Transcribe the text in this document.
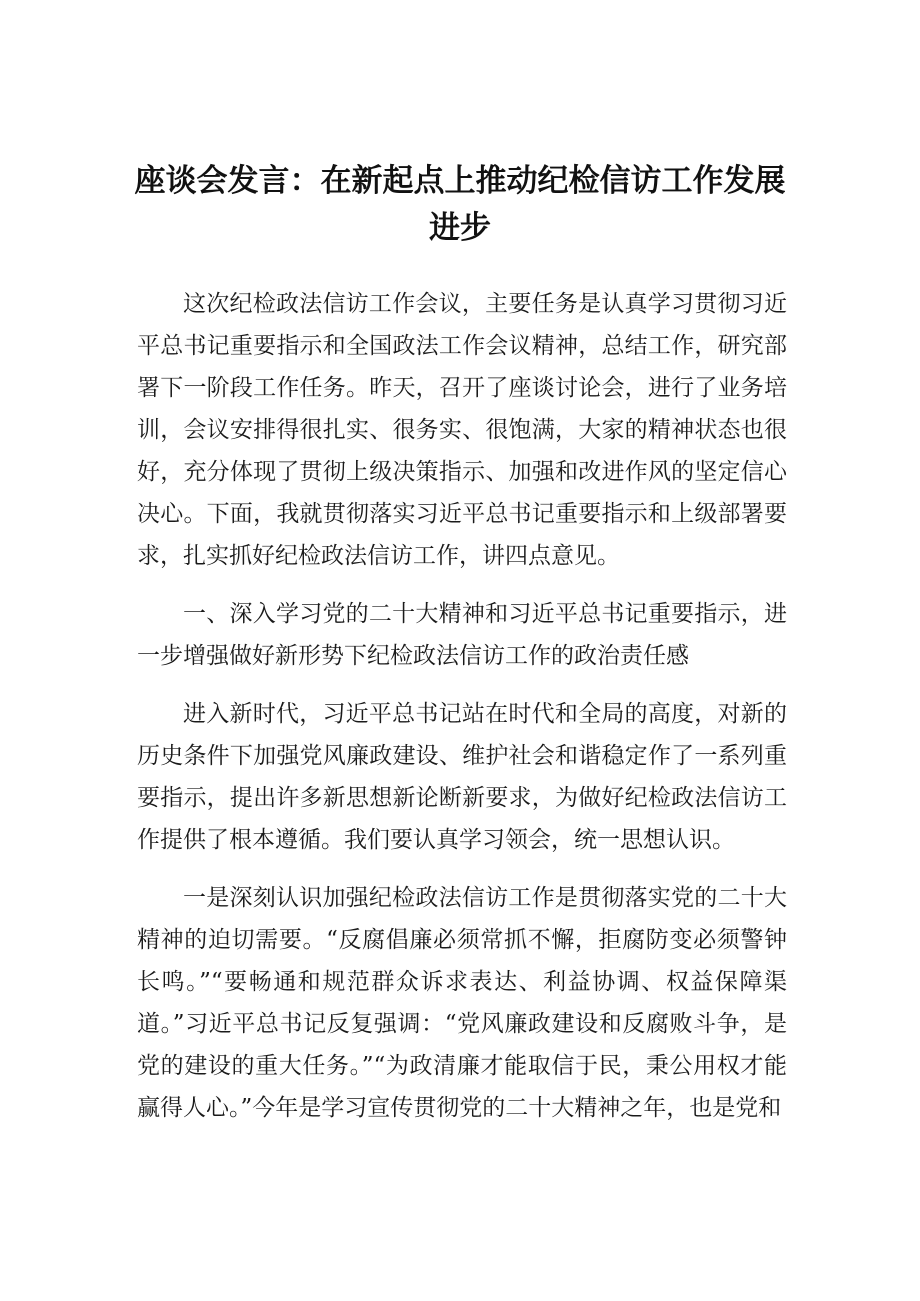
座谈会发言：在新起点上推动纪检信访工作发展进步

这次纪检政法信访工作会议，主要任务是认真学习贯彻习近平总书记重要指示和全国政法工作会议精神，总结工作，研究部署下一阶段工作任务。昨天，召开了座谈讨论会，进行了业务培训，会议安排得很扎实、很务实、很饱满，大家的精神状态也很好，充分体现了贯彻上级决策指示、加强和改进作风的坚定信心决心。下面，我就贯彻落实习近平总书记重要指示和上级部署要求，扎实抓好纪检政法信访工作，讲四点意见。

一、深入学习党的二十大精神和习近平总书记重要指示，进一步增强做好新形势下纪检政法信访工作的政治责任感

进入新时代，习近平总书记站在时代和全局的高度，对新的历史条件下加强党风廉政建设、维护社会和谐稳定作了一系列重要指示，提出许多新思想新论断新要求，为做好纪检政法信访工作提供了根本遵循。我们要认真学习领会，统一思想认识。

一是深刻认识加强纪检政法信访工作是贯彻落实党的二十大精神的迫切需要。“反腐倡廉必须常抓不懈，拒腐防变必须警钟长鸣。”“要畅通和规范群众诉求表达、利益协调、权益保障渠道。”习近平总书记反复强调：“党风廉政建设和反腐败斗争，是党的建设的重大任务。”“为政清廉才能取信于民，秉公用权才能赢得人心。”今年是学习宣传贯彻党的二十大精神之年，也是党和
